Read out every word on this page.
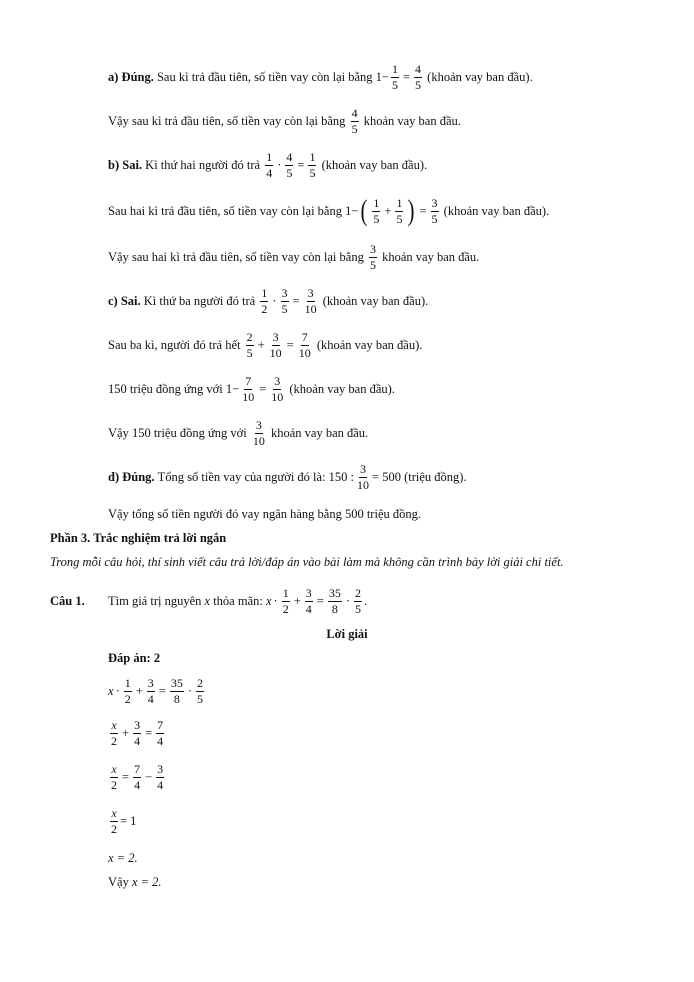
a) Đúng.
Sau kì trả đầu tiên, số tiền vay còn lại bằng
$1- \frac{1}{5} = \frac{4}{5}$
(khoản vay ban đầu).
Vậy sau kì trả đầu tiên, số tiền vay còn lại bằng
$\frac{4}{5}$
khoản vay ban đầu.
b) Sai.
Kì thứ hai người đó trả
$\frac{1}{4} \cdot \frac{4}{5} = \frac{1}{5}$
(khoản vay ban đầu).
Sau hai kì trả đầu tiên, số tiền vay còn lại bằng
1− ( $\frac{1}{5} + \frac{1}{5}$ ) = $\frac{3}{5}$
(khoản vay ban đầu).
Vậy sau hai kì trả đầu tiên, số tiền vay còn lại bằng
$\frac{3}{5}$
khoản vay ban đầu.
c) Sai.
Kì thứ ba người đó trả
$\frac{1}{2} \cdot \frac{3}{5} = \frac{3}{10}$
(khoản vay ban đầu).
Sau ba kì, người đó trả hết
$\frac{2}{5} + \frac{3}{10} = \frac{7}{10}$
(khoản vay ban đầu).
150 triệu đồng ứng với
$1- \frac{7}{10} = \frac{3}{10}$
(khoản vay ban đầu).
Vậy 150 triệu đồng ứng với
$\frac{3}{10}$
khoản vay ban đầu.
d) Đúng.
Tổng số tiền vay của người đó là:
150 : $\frac{3}{10} = 500$
(triệu đồng).
Vậy tổng số tiền người đó vay ngân hàng bằng 500 triệu đồng.
Phần 3. Trắc nghiệm trả lời ngắn
Trong mỗi câu hỏi, thí sinh viết câu trả lời/đáp án vào bài làm mà không cần trình bày lời giải chi tiết.
Câu 1.	Tìm giá trị nguyên
x
thỏa mãn:
$x \cdot \frac{1}{2} + \frac{3}{4} = \frac{35}{8} \cdot \frac{2}{5}$ .
Lời giải
Đáp án: 2
$x \cdot \frac{1}{2} + \frac{3}{4} = \frac{35}{8} \cdot \frac{2}{5}$
$\frac{x}{2} + \frac{3}{4} = \frac{7}{4}$
$\frac{x}{2} = \frac{7}{4} - \frac{3}{4}$
$\frac{x}{2} = 1$
x = 2.
Vậy
x = 2.
